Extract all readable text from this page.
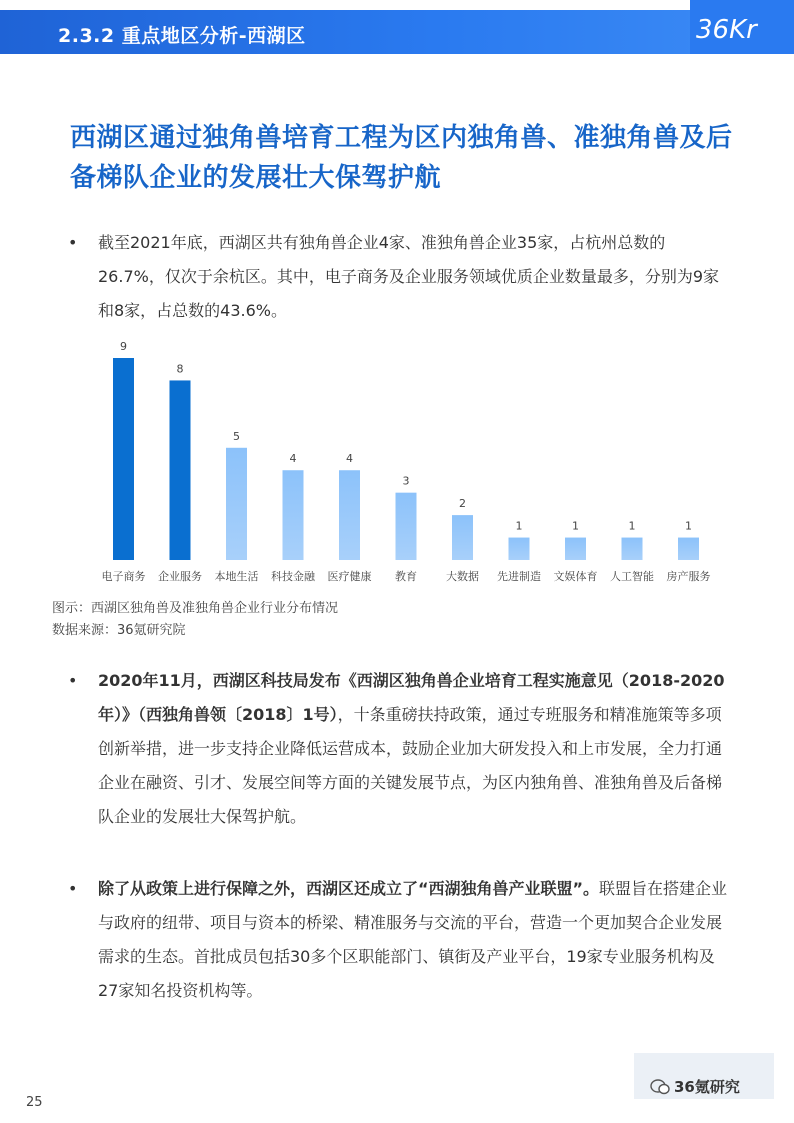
2.3.2 重点地区分析-西湖区	36Kr
西湖区通过独角兽培育工程为区内独角兽、准独角兽及后备梯队企业的发展壮大保驾护航
• 截至2021年底，西湖区共有独角兽企业4家、准独角兽企业35家，占杭州总数的26.7%，仅次于余杭区。其中，电子商务及企业服务领域优质企业数量最多，分别为9家和8家，占总数的43.6%。
9
电子商务
8
企业服务
5
本地生活
4
科技金融
4
医疗健康
3
教育
2
大数据
1
先进制造
1
文娱体育
1
人工智能
1
房产服务
图示：西湖区独角兽及准独角兽企业行业分布情况
数据来源：36氪研究院
• 2020年11月，西湖区科技局发布《西湖区独角兽企业培育工程实施意见（2018-2020年）》（西独角兽领〔2018〕1号），十条重磅扶持政策，通过专班服务和精准施策等多项创新举措，进一步支持企业降低运营成本，鼓励企业加大研发投入和上市发展，全力打通企业在融资、引才、发展空间等方面的关键发展节点，为区内独角兽、准独角兽及后备梯队企业的发展壮大保驾护航。
• 除了从政策上进行保障之外，西湖区还成立了“西湖独角兽产业联盟”。联盟旨在搭建企业与政府的纽带、项目与资本的桥梁、精准服务与交流的平台，营造一个更加契合企业发展需求的生态。首批成员包括30多个区职能部门、镇街及产业平台，19家专业服务机构及27家知名投资机构等。
36氪研究
25
